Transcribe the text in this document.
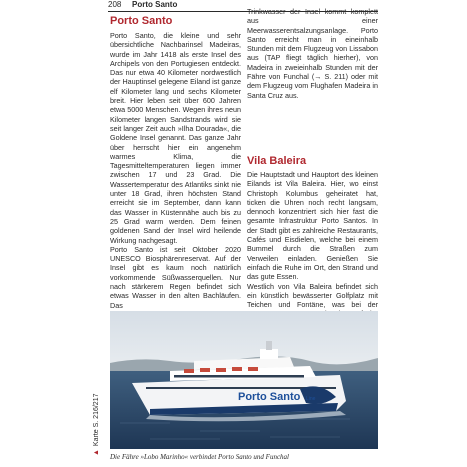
208 Porto Santo
Porto Santo

Porto Santo, die kleine und sehr übersichtliche Nachbarinsel Madeiras, wurde im Jahr 1418 als erste Insel des Archipels von den Portugiesen entdeckt. Das nur etwa 40 Kilometer nordwestlich der Hauptinsel gelegene Eiland ist ganze elf Kilometer lang und sechs Kilometer breit. Hier leben seit über 600 Jahren etwa 5000 Menschen. Wegen ihres neun Kilometer langen Sandstrands wird sie seit langer Zeit auch »Ilha Dourada«, die Goldene Insel genannt. Das ganze Jahr über herrscht hier ein angenehm warmes Klima, die Tagesmitteltemperaturen liegen immer zwischen 17 und 23 Grad. Die Wassertemperatur des Atlantiks sinkt nie unter 18 Grad, ihren höchsten Stand erreicht sie im September, dann kann das Wasser in Küstennähe auch bis zu 25 Grad warm werden. Dem feinen goldenen Sand der Insel wird heilende Wirkung nachgesagt.

Porto Santo ist seit Oktober 2020 UNESCO Biosphärenreservat. Auf der Insel gibt es kaum noch natürlich vorkommende Süßwasserquellen. Nur nach stärkerem Regen befindet sich etwas Wasser in den alten Bachläufen. Das

Trinkwasser der Insel kommt komplett aus einer Meerwasserentsalzungsanlage. Porto Santo erreicht man in eineinhalb Stunden mit dem Flugzeug von Lissabon aus (TAP fliegt täglich hierher), von Madeira in zweieinhalb Stunden mit der Fähre von Funchal (→ S. 211) oder mit dem Flugzeug vom Flughafen Madeira in Santa Cruz aus.

Vila Baleira

Die Hauptstadt und Hauptort des kleinen Eilands ist Vila Baleira. Hier, wo einst Christoph Kolumbus geheiratet hat, ticken die Uhren noch recht langsam, dennoch konzentriert sich hier fast die gesamte Infrastruktur Porto Santos. In der Stadt gibt es zahlreiche Restaurants, Cafés und Eisdielen, welche bei einem Bummel durch die Straßen zum Verweilen einladen. Genießen Sie einfach die Ruhe im Ort, den Strand und das gute Essen.

Westlich von Vila Baleira befindet sich ein künstlich bewässerter Golfplatz mit Teichen und Fontäne, was bei der

Porto Santo Line
Die Fähre »Lobo Marinho« verbindet Porto Santo und Funchal
▲Karte S. 216/217
